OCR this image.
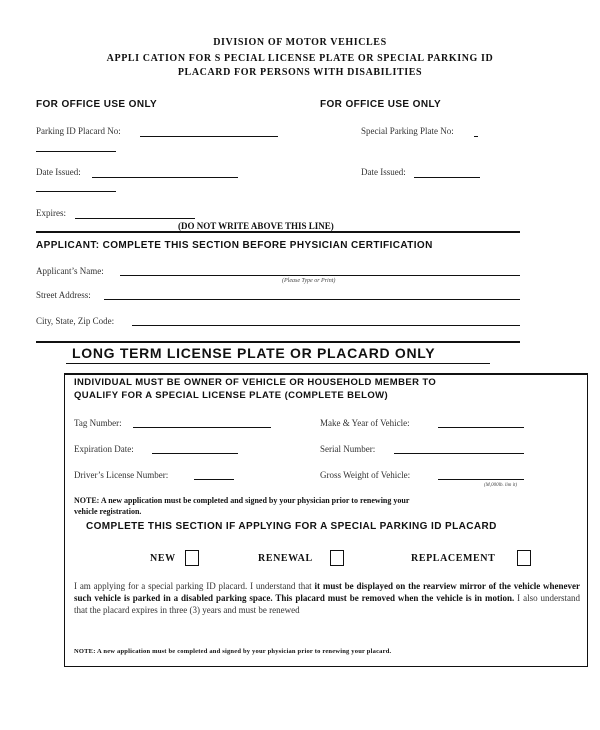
DIVISION OF MOTOR VEHICLES
APPLI CATION FOR S PECIAL LICENSE PLATE OR SPECIAL PARKING ID
PLACARD FOR PERSONS WITH DISABILITIES
FOR OFFICE USE ONLY	FOR OFFICE USE ONLY
Parking ID Placard No:	Special Parking Plate No:
Date Issued:	Date Issued:
Expires:
(DO NOT WRITE ABOVE THIS LINE)
APPLICANT: COMPLETE THIS SECTION BEFORE PHYSICIAN CERTIFICATION
Applicant’s Name:
(Please Type or Print)
Street Address:
City, State, Zip Code:
LONG TERM LICENSE PLATE OR PLACARD ONLY
INDIVIDUAL MUST BE OWNER OF VEHICLE OR HOUSEHOLD MEMBER TO
QUALIFY FOR A SPECIAL LICENSE PLATE (COMPLETE BELOW)
Tag Number:	Make & Year of Vehicle:
Expiration Date:	Serial Number:
Driver’s License Number:	Gross Weight of Vehicle:
(M,000lb. lim it)
NOTE: A new application must be completed and signed by your physician prior to renewing your
vehicle registration.
COMPLETE THIS SECTION IF APPLYING FOR A SPECIAL PARKING ID PLACARD
NEW	RENEWAL	REPLACEMENT
I am applying for a special parking ID placard. I understand that it must be displayed on the rearview mirror of the vehicle whenever such vehicle is parked in a disabled parking space. This placard must be removed when the vehicle is in motion. I also understand that the placard expires in three (3) years and must be renewed
NOTE: A new application must be completed and signed by your physician prior to renewing your placard.
